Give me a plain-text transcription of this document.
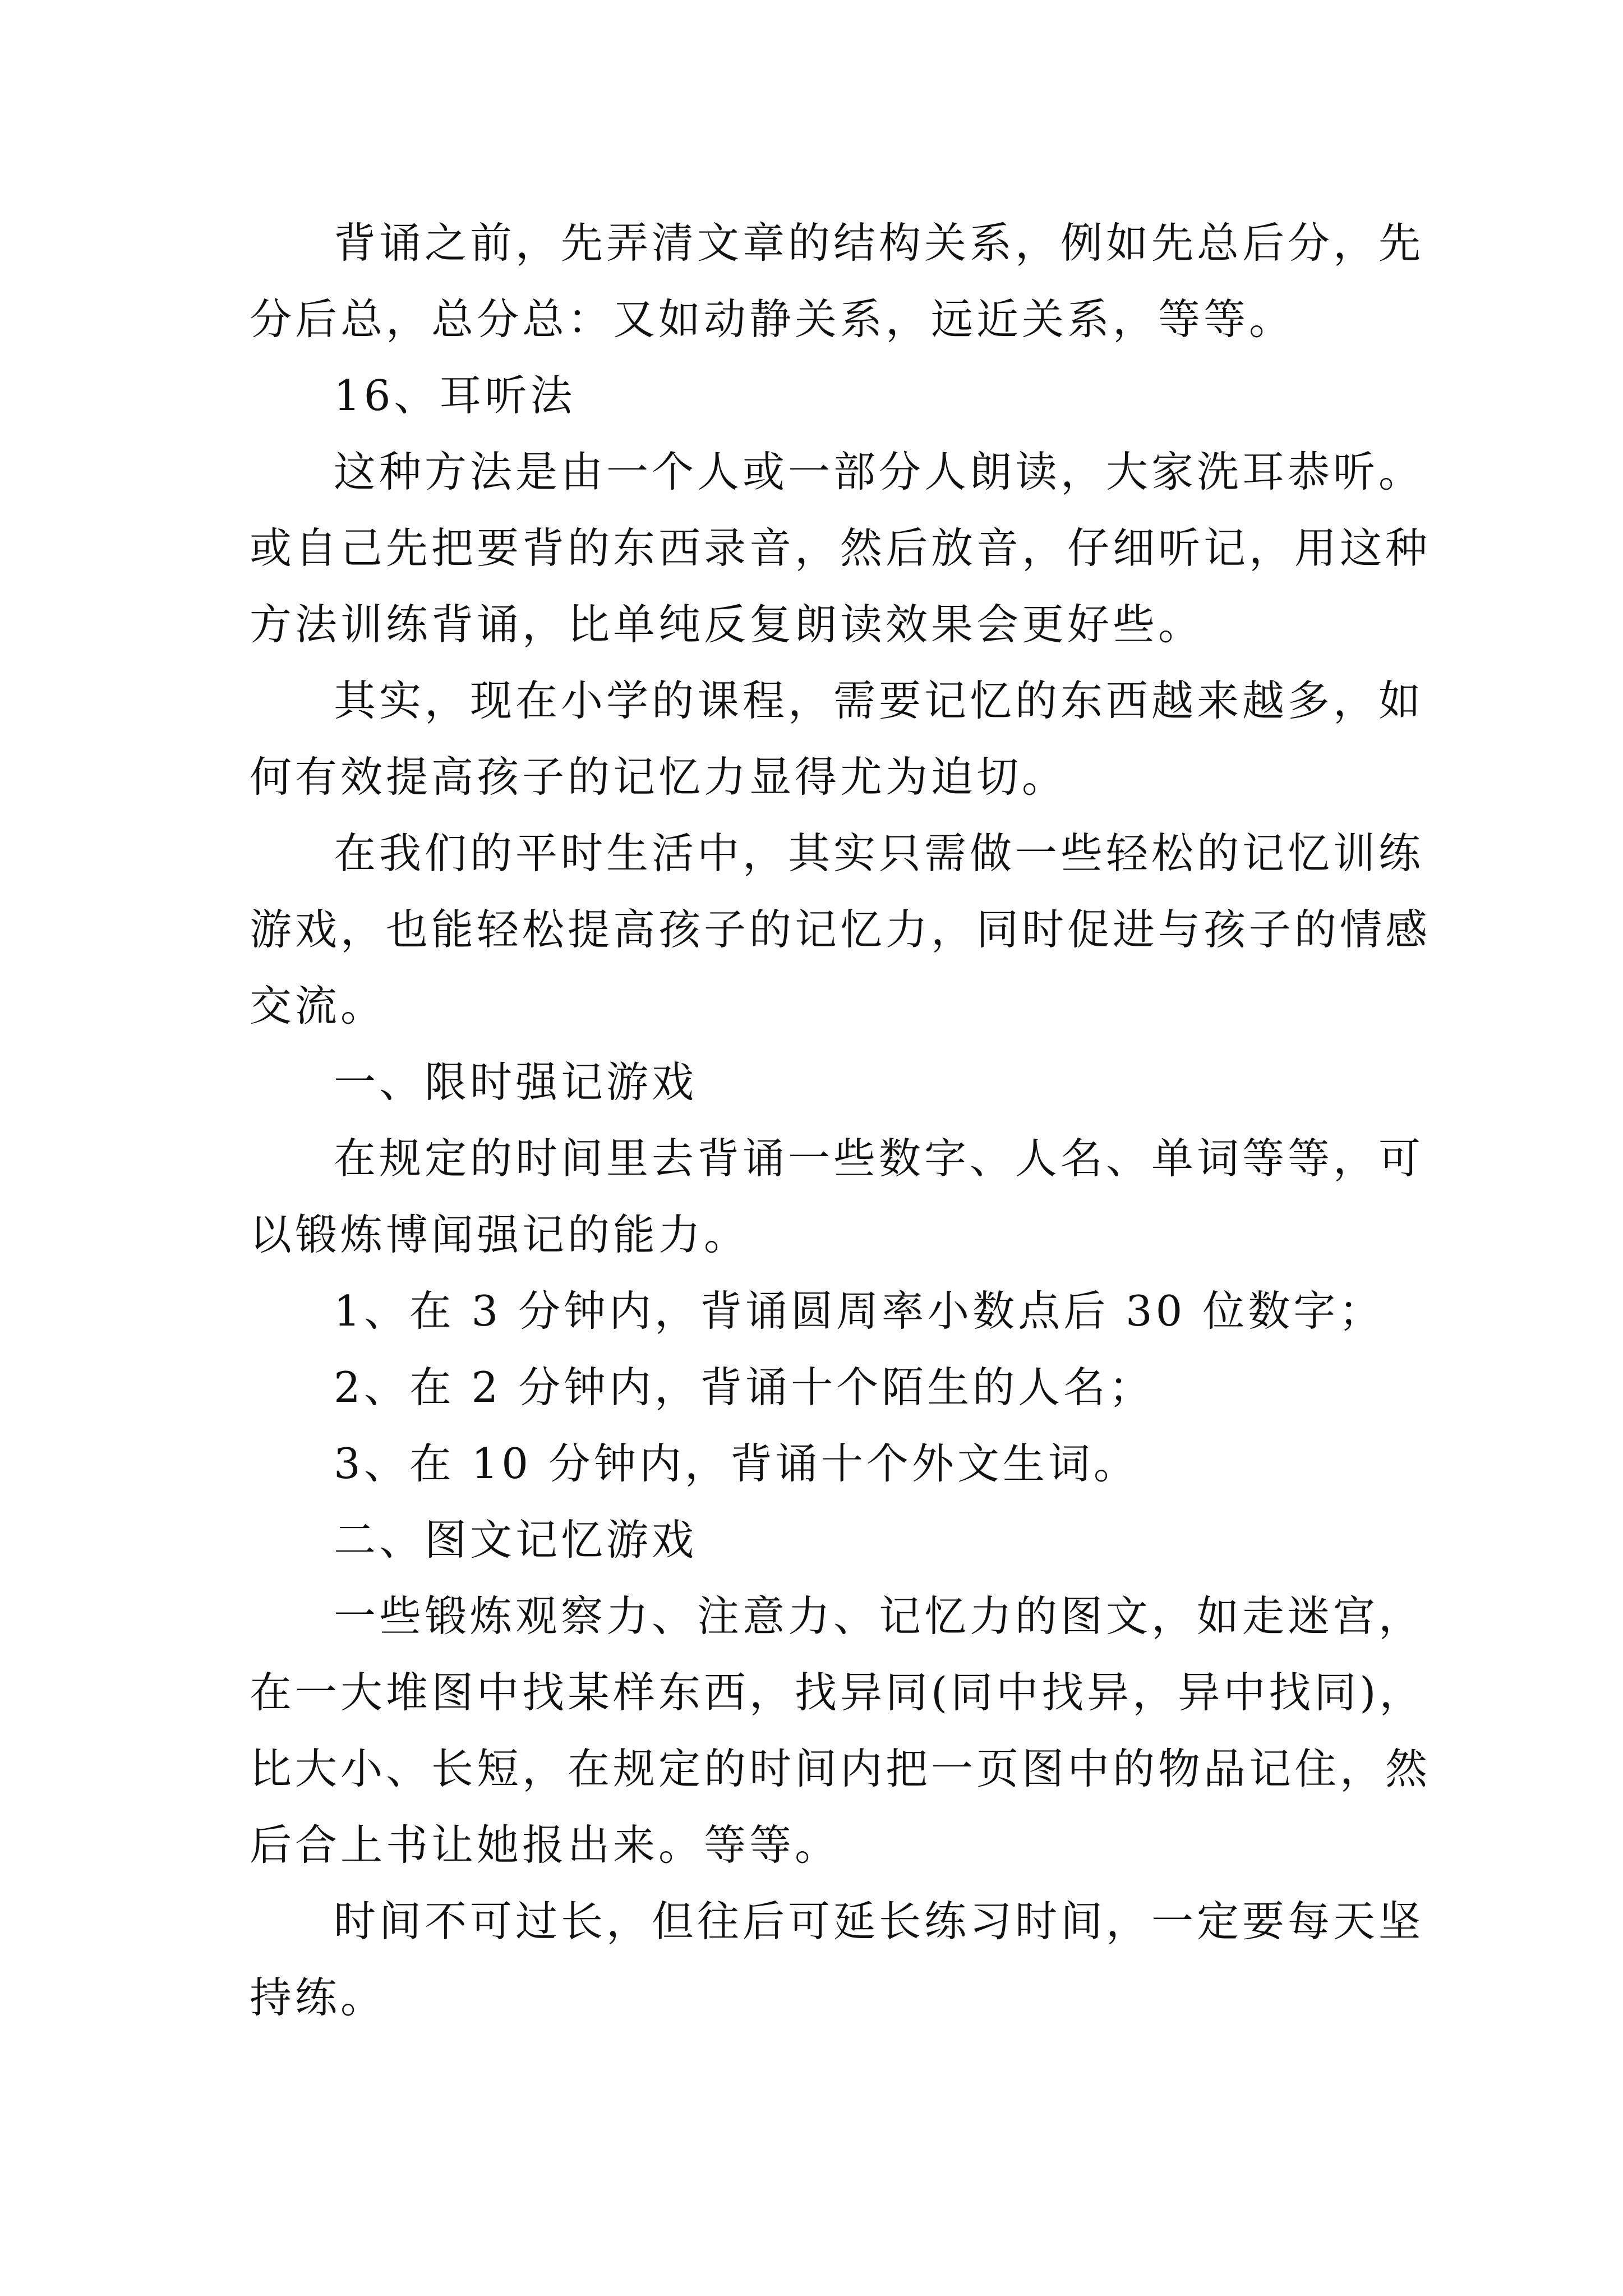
背诵之前，先弄清文章的结构关系，例如先总后分，先
分后总，总分总：又如动静关系，远近关系，等等。
16、耳听法
这种方法是由一个人或一部分人朗读，大家洗耳恭听。
或自己先把要背的东西录音，然后放音，仔细听记，用这种
方法训练背诵，比单纯反复朗读效果会更好些。
其实，现在小学的课程，需要记忆的东西越来越多，如
何有效提高孩子的记忆力显得尤为迫切。
在我们的平时生活中，其实只需做一些轻松的记忆训练
游戏，也能轻松提高孩子的记忆力，同时促进与孩子的情感
交流。
一、限时强记游戏
在规定的时间里去背诵一些数字、人名、单词等等，可
以锻炼博闻强记的能力。
1、在 3 分钟内，背诵圆周率小数点后 30 位数字；
2、在 2 分钟内，背诵十个陌生的人名；
3、在 10 分钟内，背诵十个外文生词。
二、图文记忆游戏
一些锻炼观察力、注意力、记忆力的图文，如走迷宫，
在一大堆图中找某样东西，找异同(同中找异，异中找同)，
比大小、长短，在规定的时间内把一页图中的物品记住，然
后合上书让她报出来。等等。
时间不可过长，但往后可延长练习时间，一定要每天坚
持练。
